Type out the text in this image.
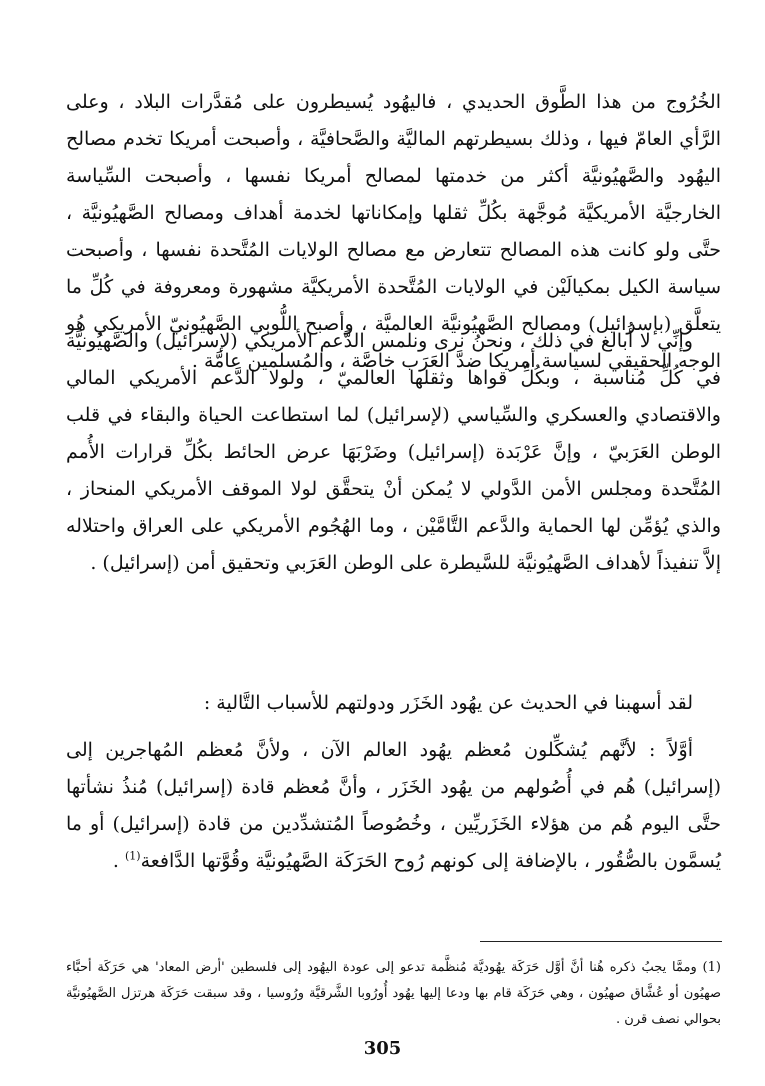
الخُرُوج من هذا الطَّوق الحديدي ، فاليهُود يُسيطرون على مُقدَّرات البلاد ، وعلى الرَّأي العامّ فيها ، وذلك بسيطرتهم الماليَّة والصَّحافيَّة ، وأصبحت أمريكا تخدم مصالح اليهُود والصَّهيُونيَّة أكثر من خدمتها لمصالح أمريكا نفسها ، وأصبحت السِّياسة الخارجيَّة الأمريكيَّة مُوجَّهة بكُلِّ ثقلها وإمكاناتها لخدمة أهداف ومصالح الصَّهيُونيَّة ، حتَّى ولو كانت هذه المصالح تتعارض مع مصالح الولايات المُتَّحدة نفسها ، وأصبحت سياسة الكيل بمكيالَيْن في الولايات المُتَّحدة الأمريكيَّة مشهورة ومعروفة في كُلِّ ما يتعلَّق (بإسرائيل) ومصالح الصَّهيُونيَّة العالميَّة ، وأصبح اللُّوبي الصَّهيُونيّ الأمريكي هُو الوجه الحقيقي لسياسة أمريكا ضدَّ العَرَب خاصَّة ، والمُسلمين عامَّة .

وإنِّي لا أُبالغ في ذلك ، ونحنُ نرى ونلمس الدَّعم الأمريكي (لإسرائيل) والصَّهيُونيَّة في كُلِّ مُناسبة ، وبكُلِّ قواها وثقلها العالميّ ، ولولا الدَّعم الأمريكي المالي والاقتصادي والعسكري والسِّياسي (لإسرائيل) لما استطاعت الحياة والبقاء في قلب الوطن العَرَبيّ ، وإنَّ عَرْبَدة (إسرائيل) وضَرْبَهَا عرض الحائط بكُلِّ قرارات الأُمم المُتَّحدة ومجلس الأمن الدَّولي لا يُمكن أنْ يتحقَّق لولا الموقف الأمريكي المنحاز ، والذي يُؤمِّن لها الحماية والدَّعم التَّامَّيْن ، وما الهُجُوم الأمريكي على العراق واحتلاله إلاَّ تنفيذاً لأهداف الصَّهيُونيَّة للسَّيطرة على الوطن العَرَبي وتحقيق أمن (إسرائيل) .

لقد أسهبنا في الحديث عن يهُود الخَزَر ودولتهم للأسباب التَّالية :

أوَّلاً : لأنَّهم يُشكِّلون مُعظم يهُود العالم الآن ، ولأنَّ مُعظم المُهاجرين إلى (إسرائيل) هُم في أُصُولهم من يهُود الخَزَر ، وأنَّ مُعظم قادة (إسرائيل) مُنذُ نشأتها حتَّى اليوم هُم من هؤلاء الخَزَريِّين ، وخُصُوصاً المُتشدِّدين من قادة (إسرائيل) أو ما يُسمَّون بالصُّقُور ، بالإضافة إلى كونهم رُوح الحَرَكَة الصَّهيُونيَّة وقُوَّتها الدَّافعة$^{(1)}$ .

(1) وممَّا يجبُ ذكره هُنا أنَّ أوَّل حَرَكَة يهُوديَّة مُنظَّمة تدعو إلى عودة اليهُود إلى فلسطين 'أرض المعاد' هي حَرَكَة أحبَّاء صهيُون أو عُشَّاق صهيُون ، وهي حَرَكَة قام بها ودعا إليها يهُود أُورُوبا الشَّرقيَّة ورُوسيا ، وقد سبقت حَرَكَة هرتزل الصَّهيُونيَّة بحوالي نصف قرن .

305
